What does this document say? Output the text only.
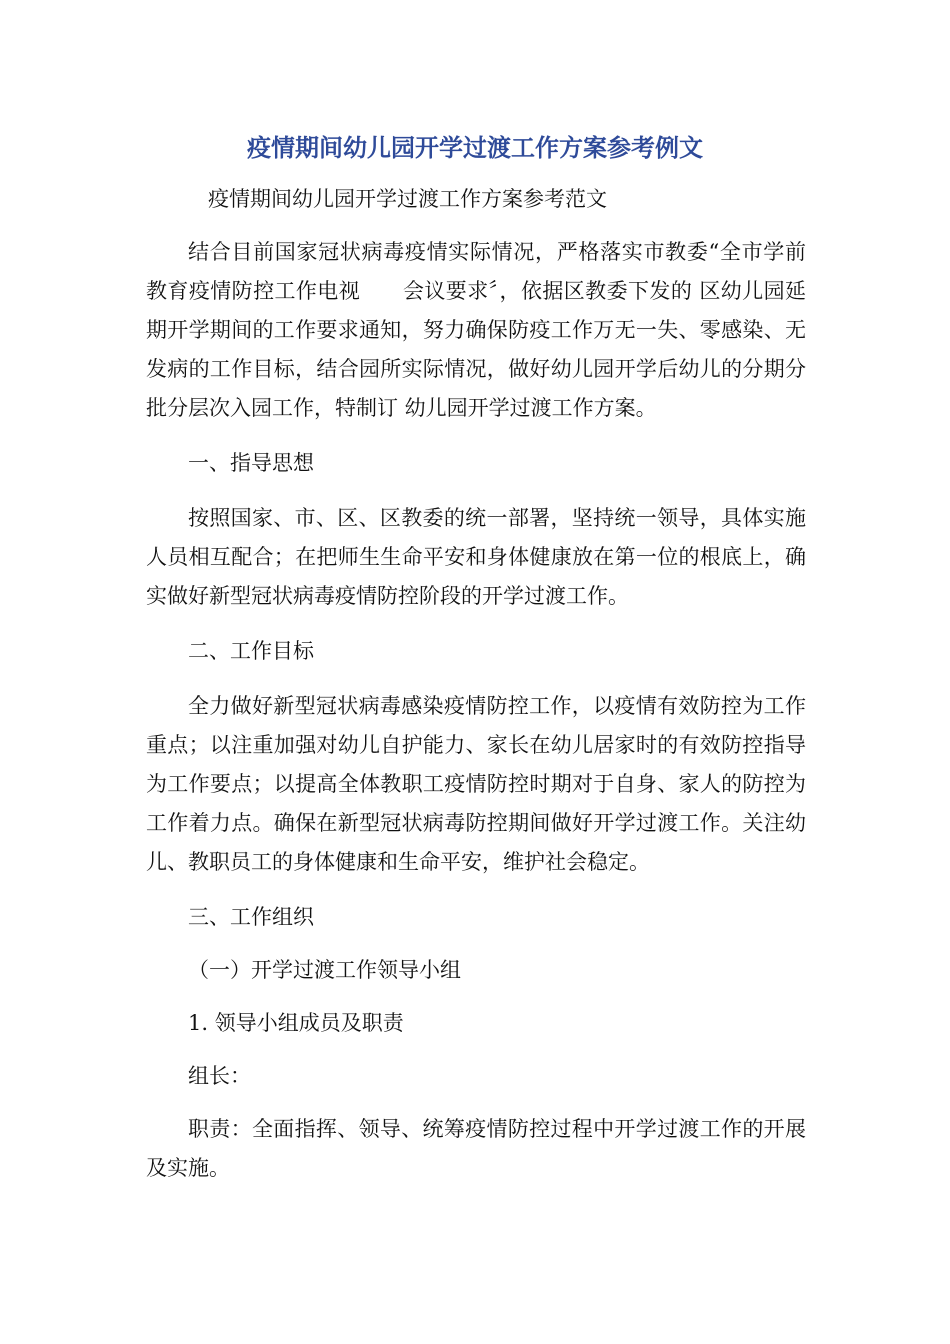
疫情期间幼儿园开学过渡工作方案参考例文

疫情期间幼儿园开学过渡工作方案参考范文

结合目前国家冠状病毒疫情实际情况，严格落实市教委“全市学前教育疫情防控工作电视　　会议要求〞，依据区教委下发的 区幼儿园延期开学期间的工作要求通知，努力确保防疫工作万无一失、零感染、无发病的工作目标，结合园所实际情况，做好幼儿园开学后幼儿的分期分批分层次入园工作，特制订 幼儿园开学过渡工作方案。

一、指导思想

按照国家、市、区、区教委的统一部署，坚持统一领导，具体实施人员相互配合；在把师生生命平安和身体健康放在第一位的根底上，确实做好新型冠状病毒疫情防控阶段的开学过渡工作。

二、工作目标

全力做好新型冠状病毒感染疫情防控工作，以疫情有效防控为工作重点；以注重加强对幼儿自护能力、家长在幼儿居家时的有效防控指导为工作要点；以提高全体教职工疫情防控时期对于自身、家人的防控为工作着力点。确保在新型冠状病毒防控期间做好开学过渡工作。关注幼儿、教职员工的身体健康和生命平安，维护社会稳定。

三、工作组织

（一）开学过渡工作领导小组

1. 领导小组成员及职责

组长：

职责：全面指挥、领导、统筹疫情防控过程中开学过渡工作的开展及实施。
